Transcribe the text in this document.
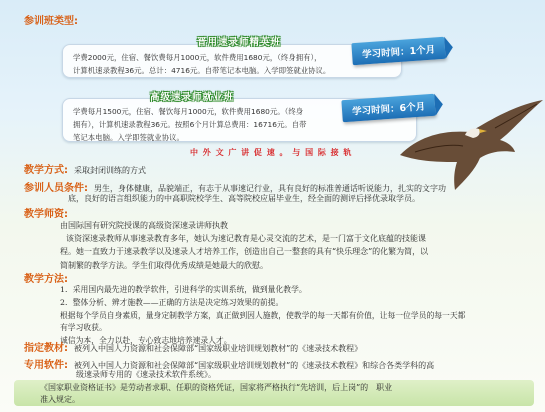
参训班类型:
学费2000元，住宿、餐饮费每月1000元，软件费用1680元，（终身拥有），
计算机速录教程36元。总计：4716元。自带笔记本电脑。入学即签就业协议。
晋用速录师精英班
学习时间：1个月
学费每月1500元，住宿、餐饮每月1000元，软件费用1680元。（终身
拥有），计算机速录教程36元。按照6个月计算总费用：16716元。自带
笔记本电脑。入学即签就业协议。
高级速录师就业班
学习时间：6个月
中 外 文 广 讲 促 速 。 与 国 际 接 轨
教学方式: 采取封闭训练的方式
参训人员条件: 男生，身体健康，品貌端正，有志于从事速记行业，具有良好的标准普通话听说能力，扎实的文字功
底，良好的语言组织能力的中高职院校学生、高等院校应届毕业生，经全面的测评后择优录取学员。
教学师资:
由国际国有研究院授课的高级资深速录讲师执教
该资深速录教师从事速录教育多年，她认为速记教育是心灵交流的艺术，是一门富于文化底蕴的技能课
程。她一直致力于速录教学以及速录人才培养工作，创造出自己一整套的具有“快乐理念”的化繁为简，以
简制繁的教学方法。学生们取得优秀成绩是她最大的欣慰。
教学方法:
1．采用国内最先进的教学软件，引进科学的实训系统，做到量化教学。
2．整体分析、辨才施教——正确的方法是决定练习效果的前提。
根据每个学员自身素质，量身定制教学方案，真正做到因人施教，使教学的每一天都有价值，让每一位学员的每一天都
有学习收获。
诚信为本，全力以赴，专心致志地培养速录人才。
指定教材: 被列入中国人力资源和社会保障部“国家级职业培训规划教材”的《速录技术教程》
专用软件: 被列入中国人力资源和社会保障部“国家级职业培训规划教材”的《速录技术教程》和综合各类学科的高
级速录师专用的《速录技术软件系统》。
《国家职业资格证书》是劳动者求职、任职的资格凭证，国家将严格执行“先培训，后上岗”的　职业
准入规定。
